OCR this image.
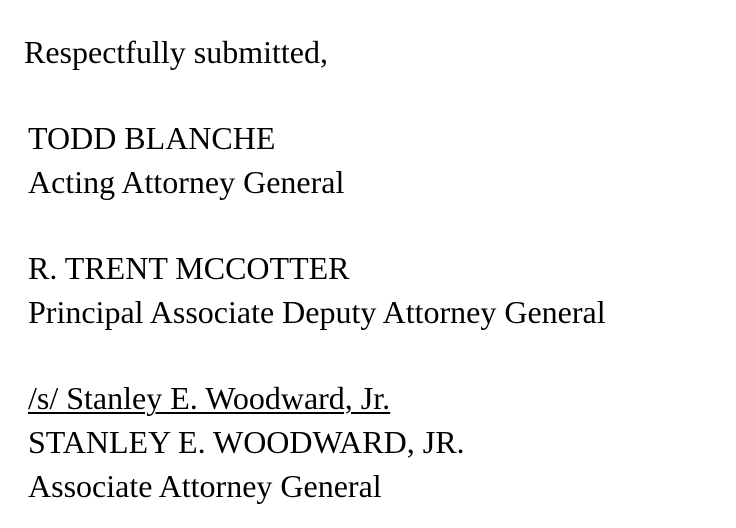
Respectfully submitted,

TODD BLANCHE

Acting Attorney General

R. TRENT MCCOTTER

Principal Associate Deputy Attorney General

/s/ Stanley E. Woodward, Jr.

STANLEY E. WOODWARD, JR.

Associate Attorney General
